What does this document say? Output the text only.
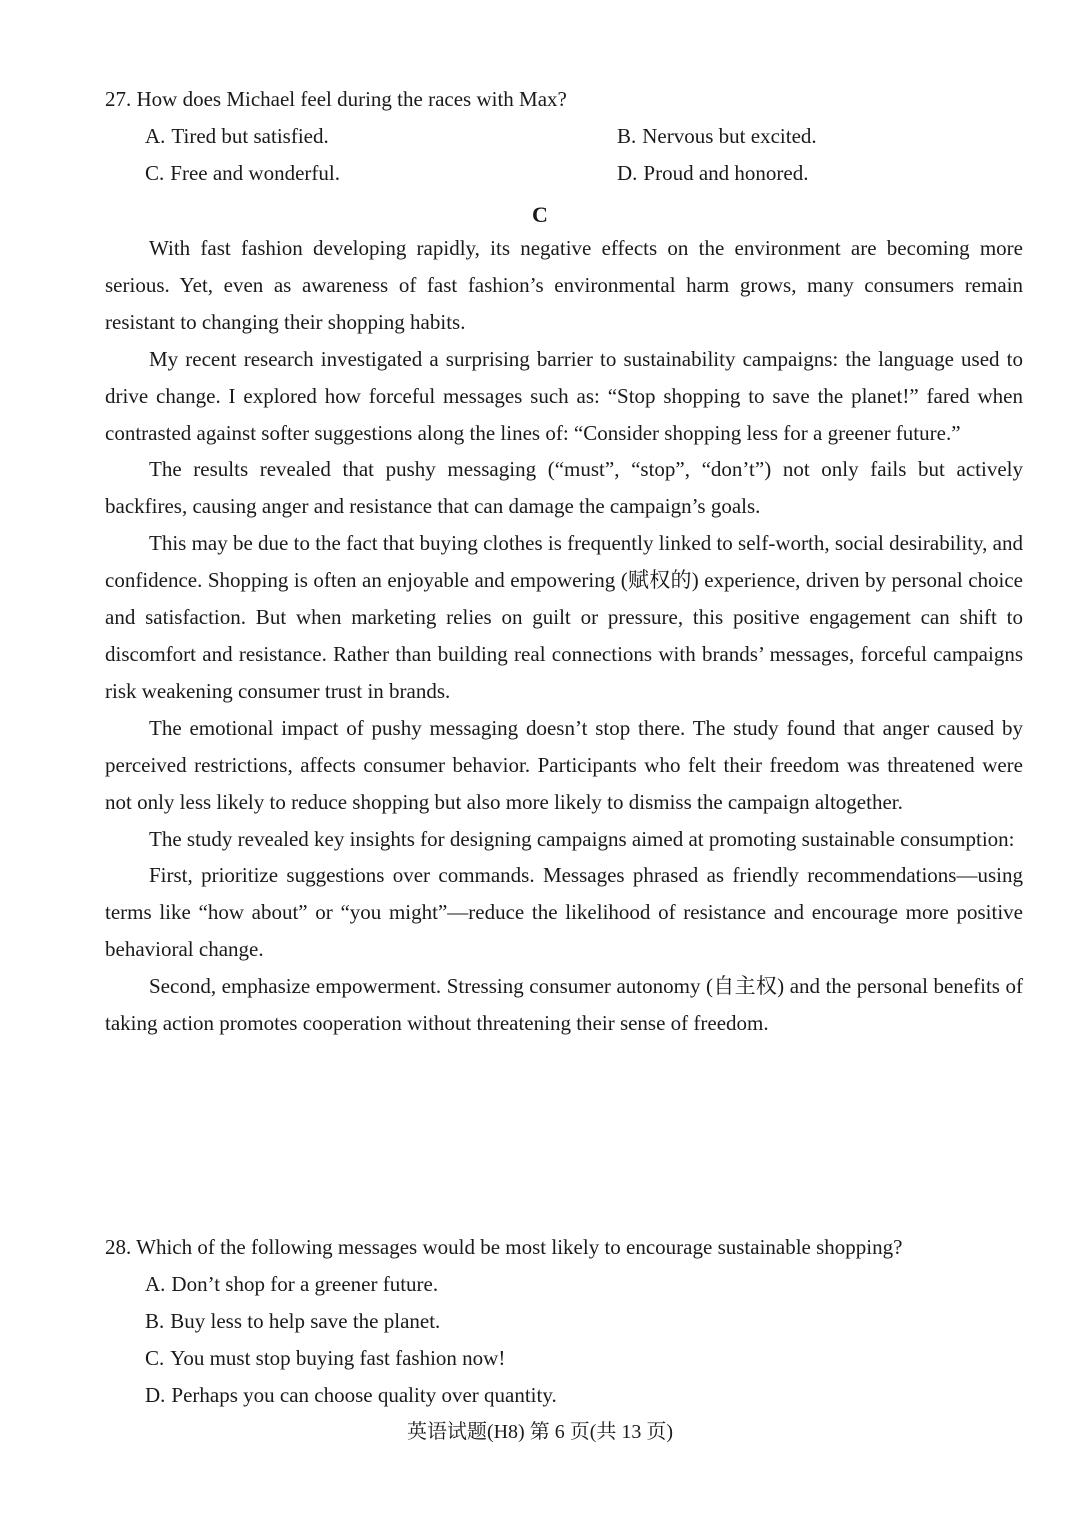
27. How does Michael feel during the races with Max?
A. Tired but satisfied.	B. Nervous but excited.
C. Free and wonderful.	D. Proud and honored.
C

With fast fashion developing rapidly, its negative effects on the environment are becoming more serious. Yet, even as awareness of fast fashion’s environmental harm grows, many consumers remain resistant to changing their shopping habits.

My recent research investigated a surprising barrier to sustainability campaigns: the language used to drive change. I explored how forceful messages such as: “Stop shopping to save the planet!” fared when contrasted against softer suggestions along the lines of: “Consider shopping less for a greener future.”

The results revealed that pushy messaging (“must”, “stop”, “don’t”) not only fails but actively backfires, causing anger and resistance that can damage the campaign’s goals.

This may be due to the fact that buying clothes is frequently linked to self-worth, social desirability, and confidence. Shopping is often an enjoyable and empowering (赋权的) experience, driven by personal choice and satisfaction. But when marketing relies on guilt or pressure, this positive engagement can shift to discomfort and resistance. Rather than building real connections with brands’ messages, forceful campaigns risk weakening consumer trust in brands.

The emotional impact of pushy messaging doesn’t stop there. The study found that anger caused by perceived restrictions, affects consumer behavior. Participants who felt their freedom was threatened were not only less likely to reduce shopping but also more likely to dismiss the campaign altogether.

The study revealed key insights for designing campaigns aimed at promoting sustainable consumption:

First, prioritize suggestions over commands. Messages phrased as friendly recommendations—using terms like “how about” or “you might”—reduce the likelihood of resistance and encourage more positive behavioral change.

Second, emphasize empowerment. Stressing consumer autonomy (自主权) and the personal benefits of taking action promotes cooperation without threatening their sense of freedom.

28. Which of the following messages would be most likely to encourage sustainable shopping?
A. Don’t shop for a greener future.
B. Buy less to help save the planet.
C. You must stop buying fast fashion now!
D. Perhaps you can choose quality over quantity.
英语试题(H8) 第 6 页(共 13 页)
